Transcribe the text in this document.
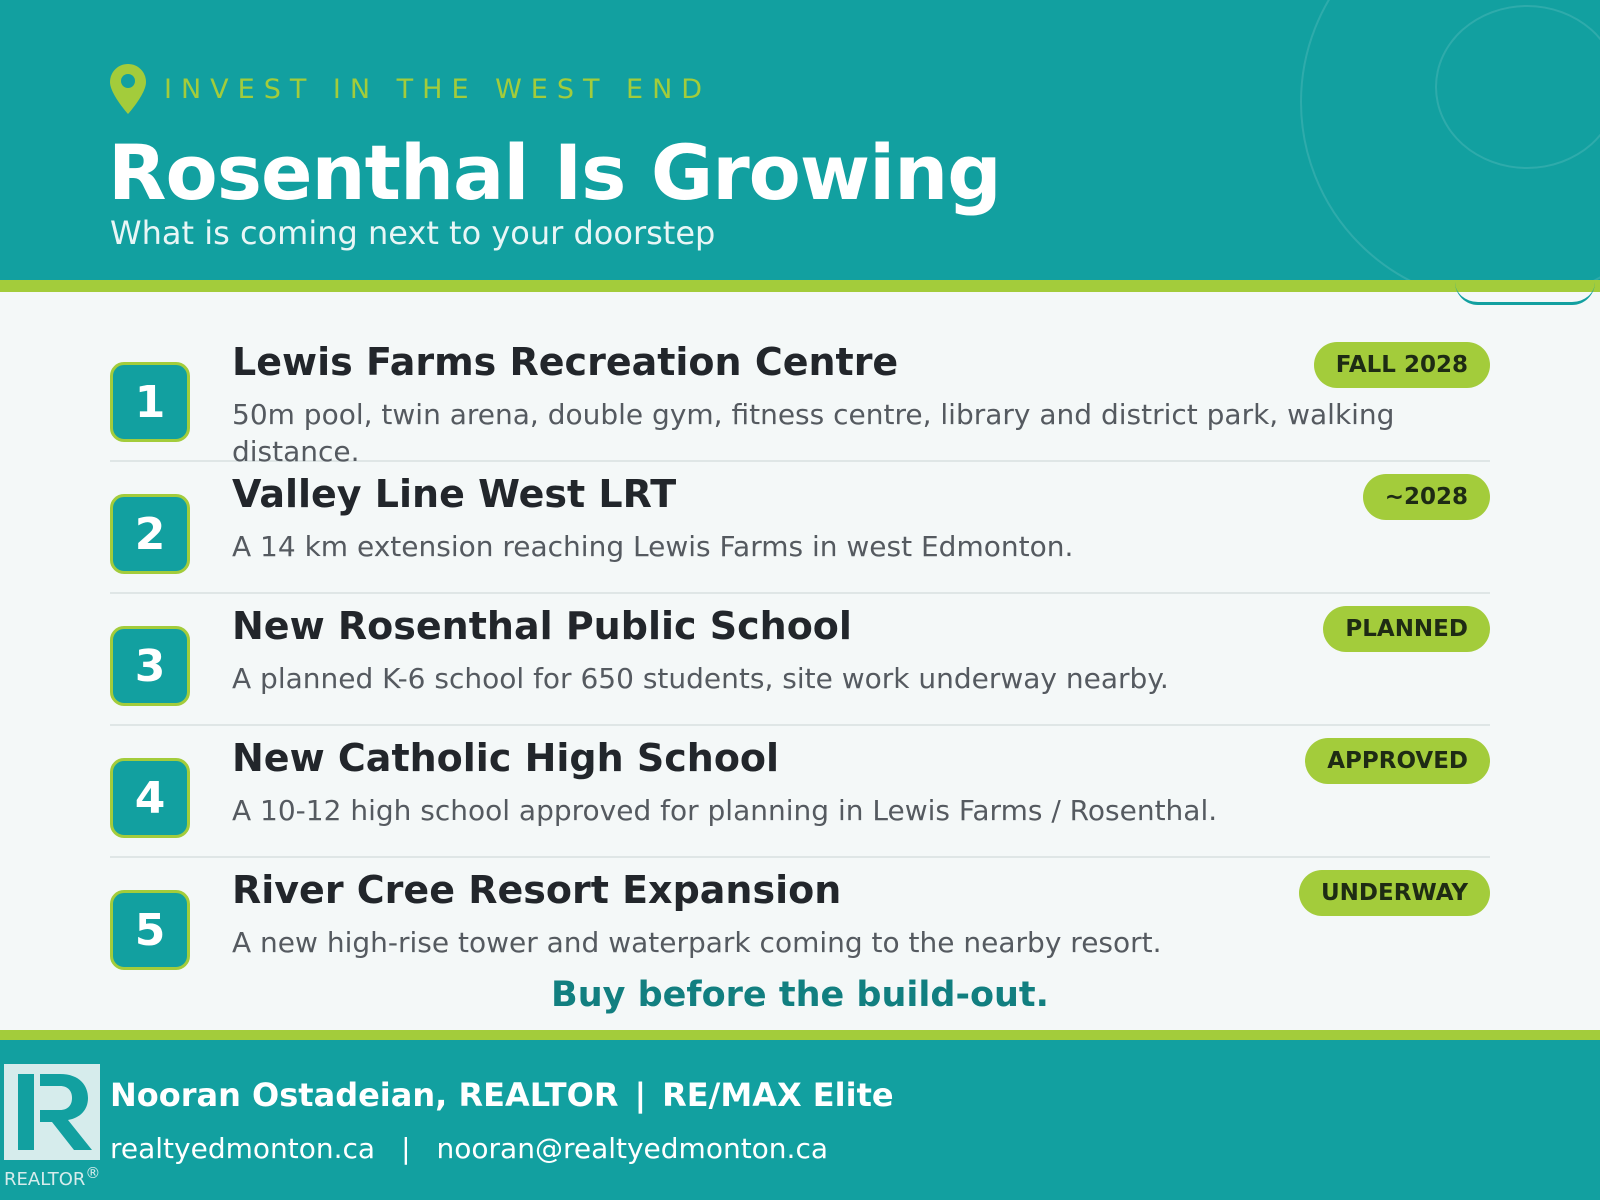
INVEST IN THE WEST END
Rosenthal Is Growing
What is coming next to your doorstep
1
Lewis Farms Recreation Centre
50m pool, twin arena, double gym, fitness centre, library and district park, walking distance.
FALL 2028
2
Valley Line West LRT
A 14 km extension reaching Lewis Farms in west Edmonton.
~2028
3
New Rosenthal Public School
A planned K-6 school for 650 students, site work underway nearby.
PLANNED
4
New Catholic High School
A 10-12 high school approved for planning in Lewis Farms / Rosenthal.
APPROVED
5
River Cree Resort Expansion
A new high-rise tower and waterpark coming to the nearby resort.
UNDERWAY
Buy before the build-out.
REALTOR®
Nooran Ostadeian, REALTOR | RE/MAX Elite
realtyedmonton.ca | nooran@realtyedmonton.ca
